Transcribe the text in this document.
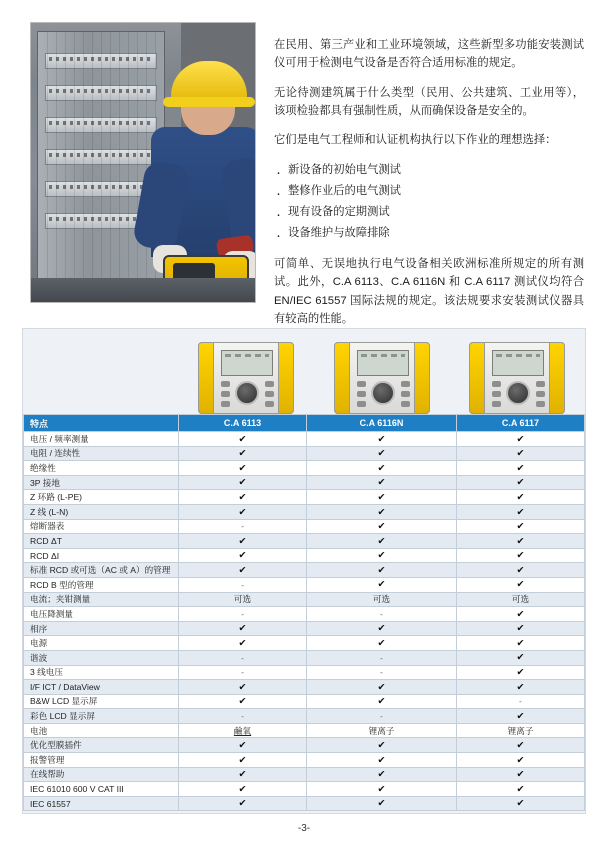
在民用、第三产业和工业环境领域，这些新型多功能安装测试仪可用于检测电气设备是否符合适用标准的规定。

无论待测建筑属于什么类型（民用、公共建筑、工业用等），该项检验都具有强制性质，从而确保设备是安全的。

它们是电气工程师和认证机构执行以下作业的理想选择：

· 新设备的初始电气测试
· 整修作业后的电气测试
· 现有设备的定期测试
· 设备维护与故障排除

可简单、无误地执行电气设备相关欧洲标准所规定的所有测试。此外，C.A 6113、C.A 6116N 和 C.A 6117 测试仪均符合 EN/IEC 61557 国际法规的规定。该法规要求安装测试仪器具有较高的性能。

特点	C.A 6113	C.A 6116N	C.A 6117
电压 / 频率测量	✔	✔	✔
电阻 / 连续性	✔	✔	✔
绝缘性	✔	✔	✔
3P 接地	✔	✔	✔
Z 环路 (L-PE)	✔	✔	✔
Z 线 (L-N)	✔	✔	✔
熔断器表	-	✔	✔
RCD ΔT	✔	✔	✔
RCD ΔI	✔	✔	✔
标准 RCD 或可选（AC 或 A）的管理	✔	✔	✔
RCD B 型的管理	-	✔	✔
电流；夹钳测量	可选	可选	可选
电压降测量	-	-	✔
相序	✔	✔	✔
电源	✔	✔	✔
谐波	-	-	✔
3 线电压	-	-	✔
I/F ICT / DataView	✔	✔	✔
B&W LCD 显示屏	✔	✔	-
彩色 LCD 显示屏	-	-	✔
电池	鹼氧	锂离子	锂离子
优化型膜插件	✔	✔	✔
报警管理	✔	✔	✔
在线帮助	✔	✔	✔
IEC 61010 600 V CAT III	✔	✔	✔
IEC 61557	✔	✔	✔
-3-
